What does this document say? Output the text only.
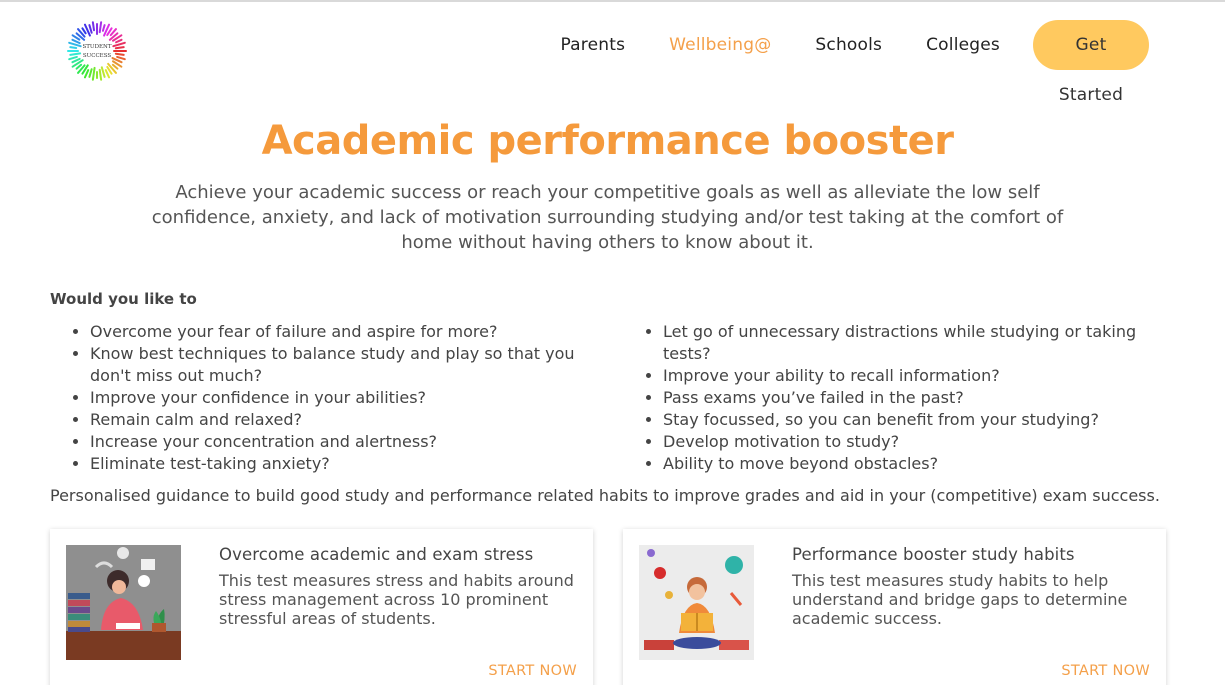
STUDENT
SUCCESS
Parents	Wellbeing@	Schools	Colleges	Get Started
Academic performance booster

Achieve your academic success or reach your competitive goals as well as alleviate the low self confidence, anxiety, and lack of motivation surrounding studying and/or test taking at the comfort of home without having others to know about it.

Would you like to
• Overcome your fear of failure and aspire for more?
• Know best techniques to balance study and play so that you don't miss out much?
• Improve your confidence in your abilities?
• Remain calm and relaxed?
• Increase your concentration and alertness?
• Eliminate test-taking anxiety?
• Let go of unnecessary distractions while studying or taking tests?
• Improve your ability to recall information?
• Pass exams you’ve failed in the past?
• Stay focussed, so you can benefit from your studying?
• Develop motivation to study?
• Ability to move beyond obstacles?

Personalised guidance to build good study and performance related habits to improve grades and aid in your (competitive) exam success.

Overcome academic and exam stress

This test measures stress and habits around stress management across 10 prominent stressful areas of students.

START NOW
Performance booster study habits

This test measures study habits to help understand and bridge gaps to determine academic success.

START NOW
